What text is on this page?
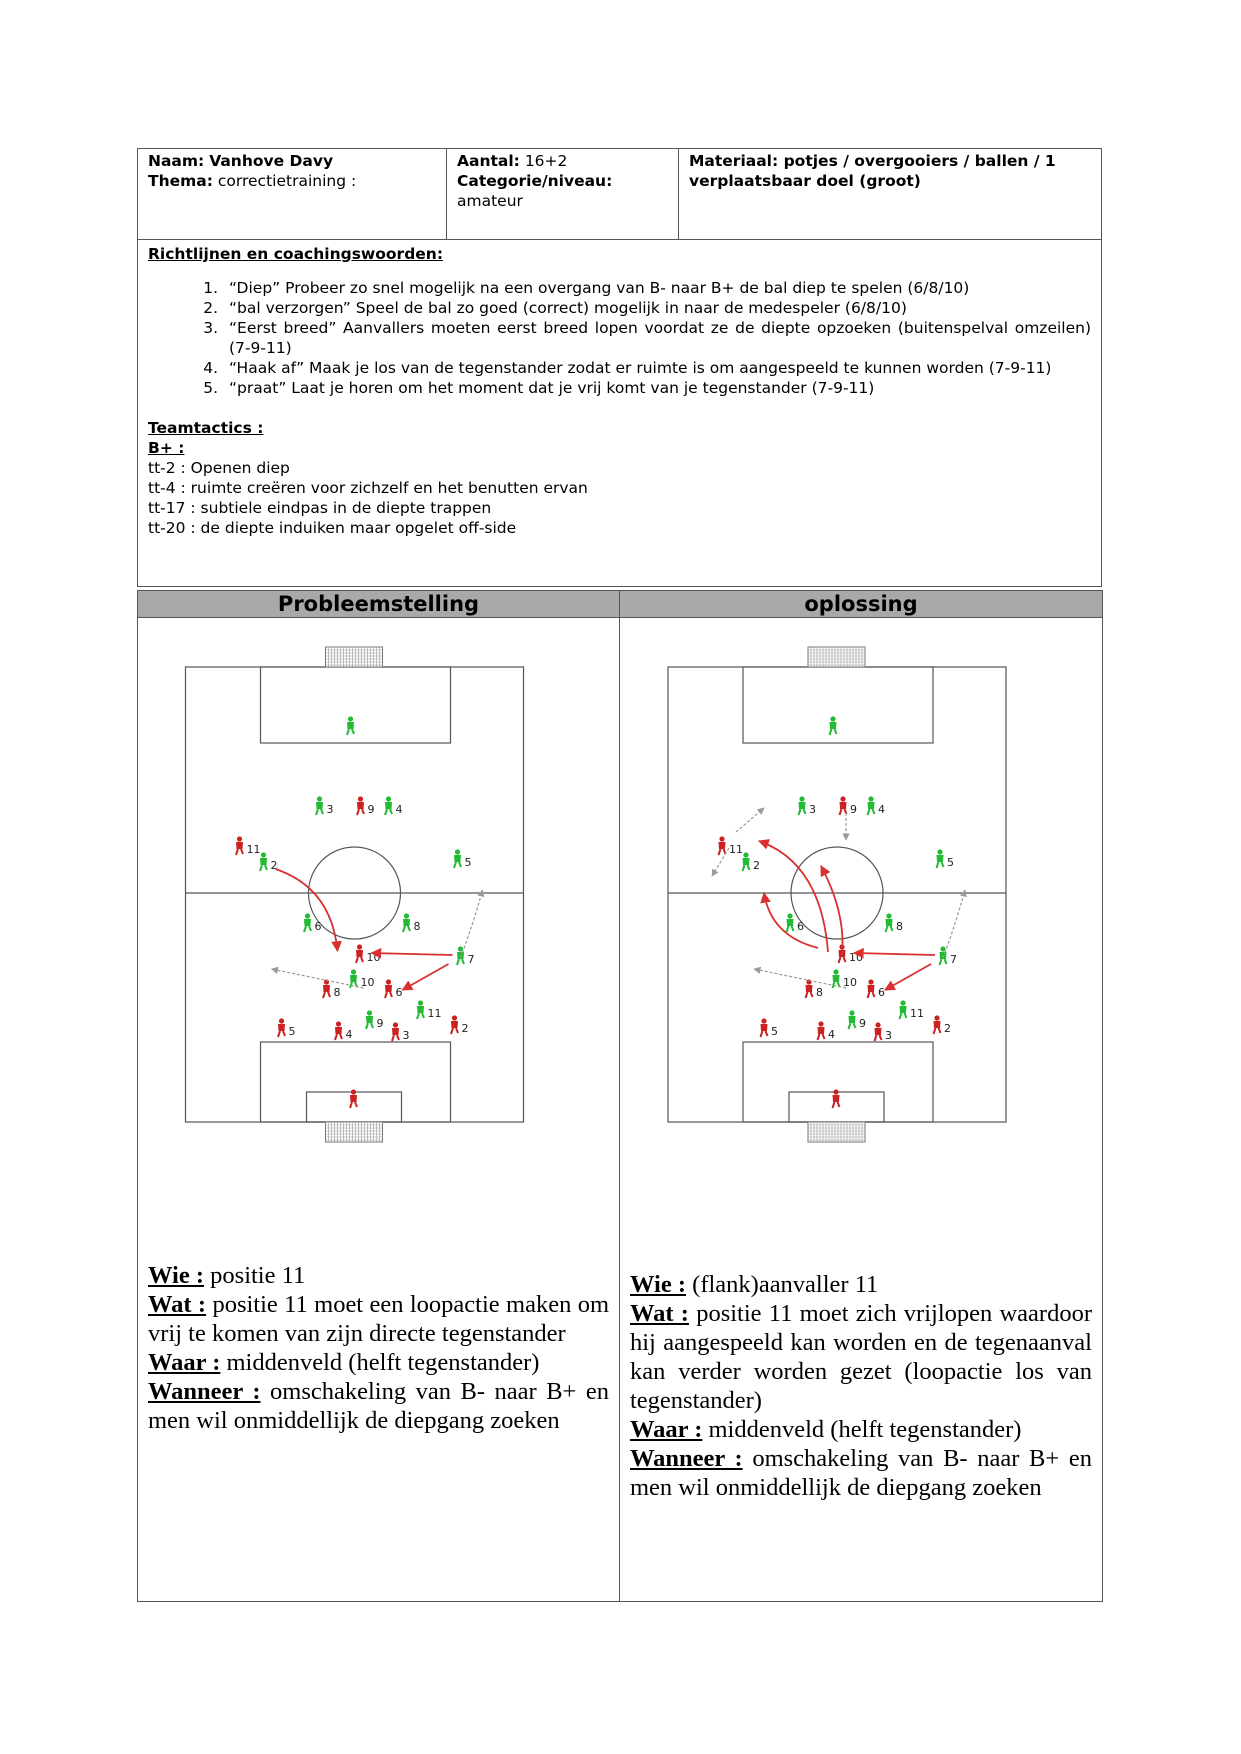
Naam: Vanhove Davy
Thema: correctietraining :
Aantal: 16+2
Categorie/niveau:
amateur
Materiaal: potjes / overgooiers / ballen / 1 verplaatsbaar doel (groot)
Richtlijnen en coachingswoorden:
1. “Diep” Probeer zo snel mogelijk na een overgang van B- naar B+ de bal diep te spelen (6/8/10)
2. “bal verzorgen” Speel de bal zo goed (correct) mogelijk in naar de medespeler (6/8/10)
3. “Eerst breed” Aanvallers moeten eerst breed lopen voordat ze de diepte opzoeken (buitenspelval omzeilen) (7-9-11)
4. “Haak af” Maak je los van de tegenstander zodat er ruimte is om aangespeeld te kunnen worden (7-9-11)
5. “praat” Laat je horen om het moment dat je vrij komt van je tegenstander (7-9-11)
Teamtactics :
B+ :
tt-2 : Openen diep
tt-4 : ruimte creëren voor zichzelf en het benutten ervan
tt-17 : subtiele eindpas in de diepte trappen
tt-20 : de diepte induiken maar opgelet off-side
Probleemstelling
3	4
2	5
6	8
7
10
11
9
9
11
10
8	6
5	4	3
2

Wie : positie 11

Wat : positie 11 moet een loopactie maken om vrij te komen van zijn directe tegenstander

Waar : middenveld (helft tegenstander)

Wanneer : omschakeling van B- naar B+ en men wil onmiddellijk de diepgang zoeken

oplossing
3	4
2	5
6	8
7
10
11
9
9
11
10
8	6
5	4	3
2

Wie : (flank)aanvaller 11

Wat : positie 11 moet zich vrijlopen waardoor hij aangespeeld kan worden en de tegenaanval kan verder worden gezet (loopactie los van tegenstander)

Waar : middenveld (helft tegenstander)

Wanneer : omschakeling van B- naar B+ en men wil onmiddellijk de diepgang zoeken
